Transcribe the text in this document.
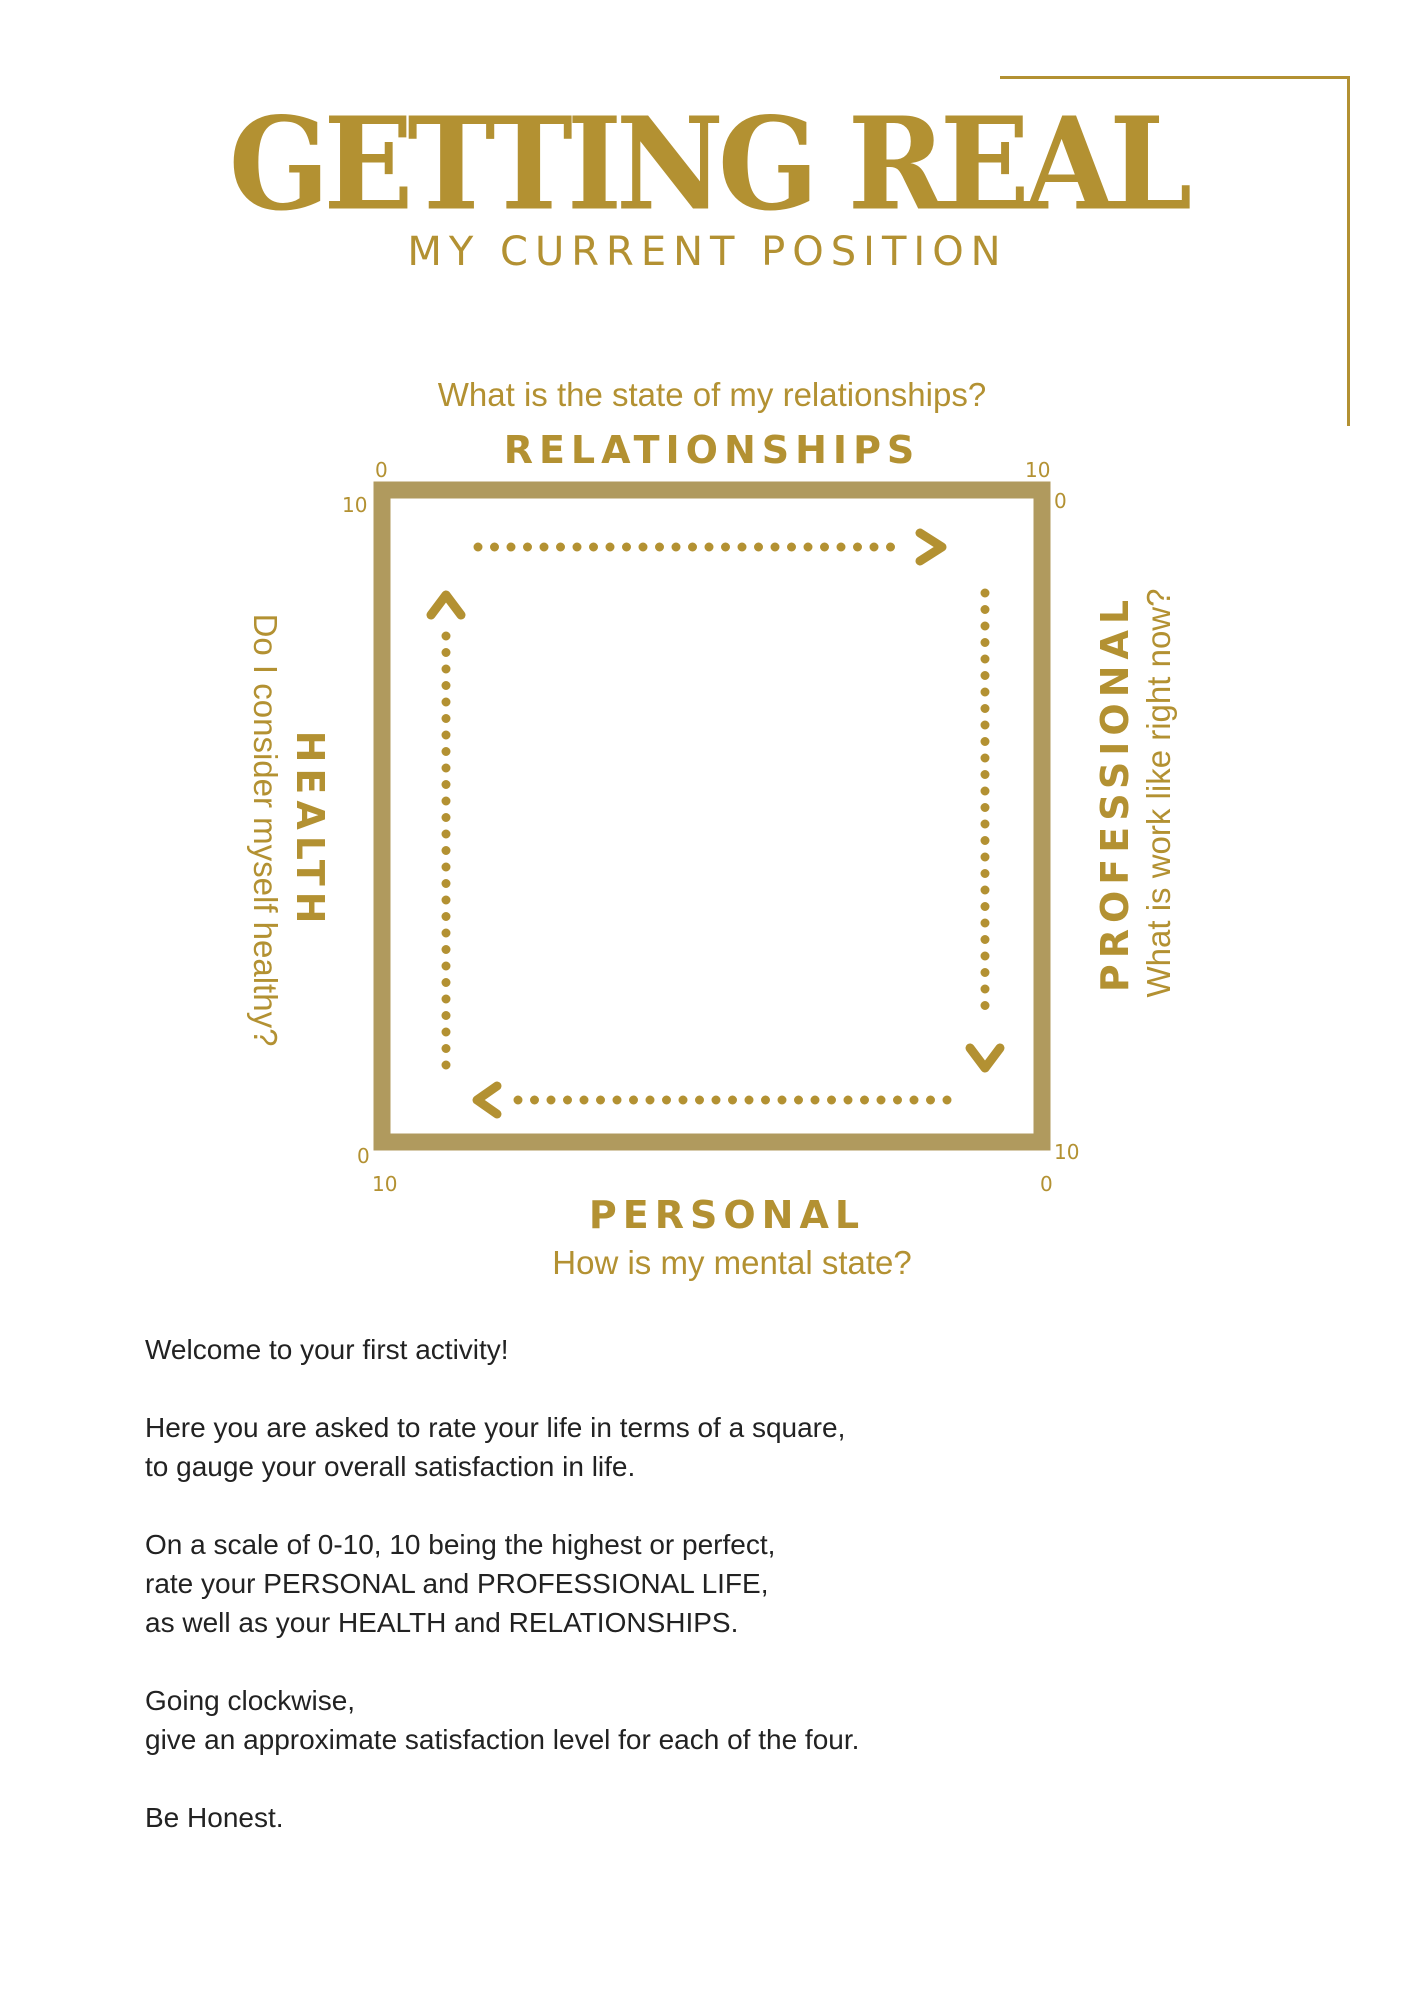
GETTING REAL
MY CURRENT POSITION
What is the state of my relationships?
RELATIONSHIPS
0
10
10
0
0
10
10
0
PROFESSIONAL What is work like right now?
HEALTH
Do I consider myself healthy?
PERSONAL
How is my mental state?

Welcome to your first activity!

Here you are asked to rate your life in terms of a square,
to gauge your overall satisfaction in life.

On a scale of 0-10, 10 being the highest or perfect,
rate your PERSONAL and PROFESSIONAL LIFE,
as well as your HEALTH and RELATIONSHIPS.

Going clockwise,
give an approximate satisfaction level for each of the four.

Be Honest.
